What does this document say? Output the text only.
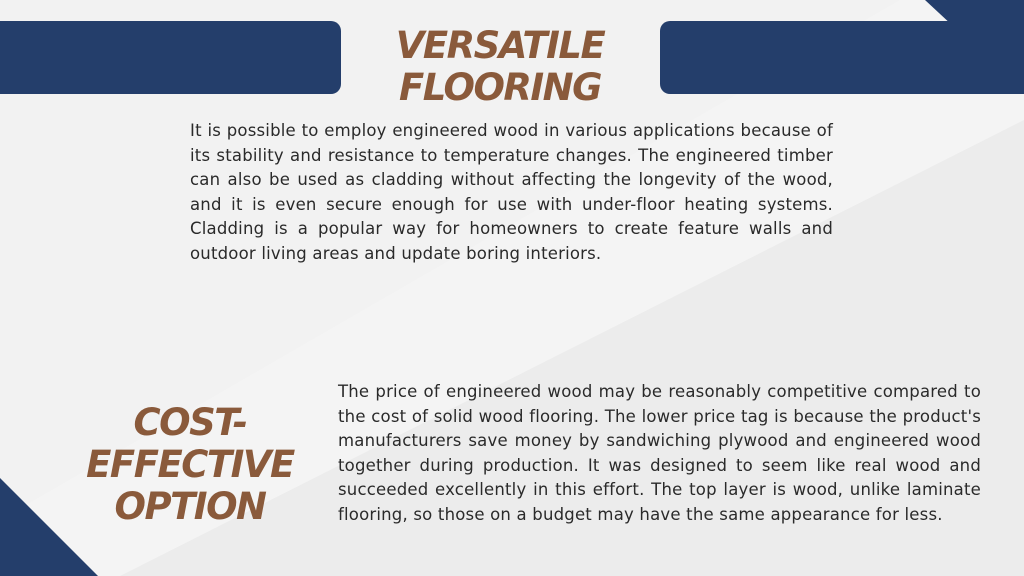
VERSATILE
FLOORING

It is possible to employ engineered wood in various applications because of its stability and resistance to temperature changes. The engineered timber can also be used as cladding without affecting the longevity of the wood, and it is even secure enough for use with under-floor heating systems. Cladding is a popular way for homeowners to create feature walls and outdoor living areas and update boring interiors.

COST-
EFFECTIVE
OPTION

The price of engineered wood may be reasonably competitive compared to the cost of solid wood flooring. The lower price tag is because the product's manufacturers save money by sandwiching plywood and engineered wood together during production. It was designed to seem like real wood and succeeded excellently in this effort. The top layer is wood, unlike laminate flooring, so those on a budget may have the same appearance for less.
